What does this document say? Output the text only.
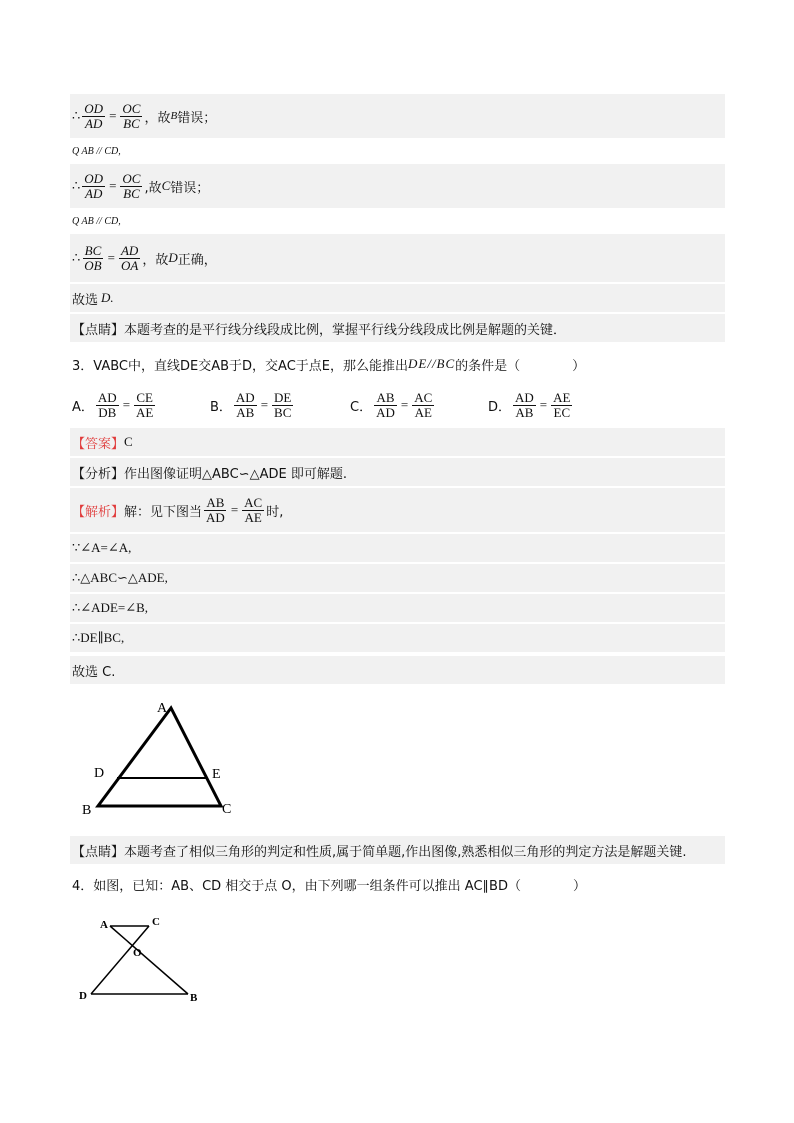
∴ $\frac{OD}{AD} = \frac{OC}{BC}$ ，故 B 错误；
Q AB // CD,
∴ $\frac{OD}{AD} = \frac{OC}{BC}$ ,故 C 错误；
Q AB // CD,
∴ $\frac{BC}{OB} = \frac{AD}{OA}$ ，故 D 正确，
故选 D.
【点睛】本题考查的是平行线分线段成比例，掌握平行线分线段成比例是解题的关键．
3．VABC中，直线DE交AB于D，交AC于点E，那么能推出 DE//BC 的条件是（　　　　）
A． $\frac{AD}{DB} = \frac{CE}{AE}$	B． $\frac{AD}{AB} = \frac{DE}{BC}$	C． $\frac{AB}{AD} = \frac{AC}{AE}$	D． $\frac{AD}{AB} = \frac{AE}{EC}$
【答案】 C
【分析】 作出图像证明△ABC∽△ADE 即可解题.
【解析】 解：见下图当 $\frac{AB}{AD} = \frac{AC}{AE}$ 时,
∵∠A=∠A,
∴△ABC∽△ADE,
∴∠ADE=∠B,
∴DE∥BC,
故选 C.
A
D	E
B	C
【点睛】本题考查了相似三角形的判定和性质,属于简单题,作出图像,熟悉相似三角形的判定方法是解题关键.
4．如图，已知：AB、CD 相交于点 O，由下列哪一组条件可以推出 AC∥BD（　　　　）
A	C
O
D	B
